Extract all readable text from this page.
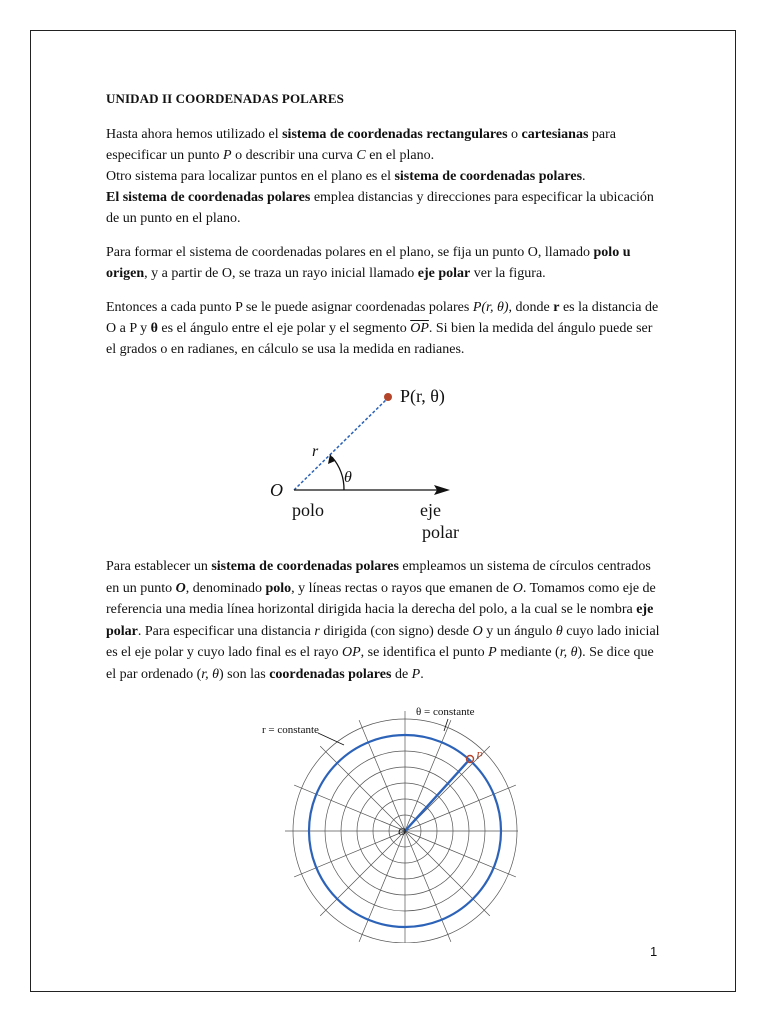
UNIDAD II COORDENADAS POLARES

Hasta ahora hemos utilizado el sistema de coordenadas rectangulares o cartesianas para especificar un punto P o describir una curva C en el plano.
Otro sistema para localizar puntos en el plano es el sistema de coordenadas polares.
El sistema de coordenadas polares emplea distancias y direcciones para especificar la ubicación de un punto en el plano.

Para formar el sistema de coordenadas polares en el plano, se fija un punto O, llamado polo u origen, y a partir de O, se traza un rayo inicial llamado eje polar ver la figura.

Entonces a cada punto P se le puede asignar coordenadas polares P(r, θ), donde r es la distancia de O a P y θ es el ángulo entre el eje polar y el segmento $\overline{OP}$. Si bien la medida del ángulo puede ser el grados o en radianes, en cálculo se usa la medida en radianes.

P(r, θ)
r
θ
O
polo	eje
polar
Para establecer un sistema de coordenadas polares empleamos un sistema de círculos centrados en un punto O, denominado polo, y líneas rectas o rayos que emanen de O. Tomamos como eje de referencia una media línea horizontal dirigida hacia la derecha del polo, a la cual se le nombra eje polar. Para especificar una distancia r dirigida (con signo) desde O y un ángulo θ cuyo lado inicial es el eje polar y cuyo lado final es el rayo OP, se identifica el punto P mediante (r, θ). Se dice que el par ordenado (r, θ) son las coordenadas polares de P.
P
O
r = constante
θ = constante
1
